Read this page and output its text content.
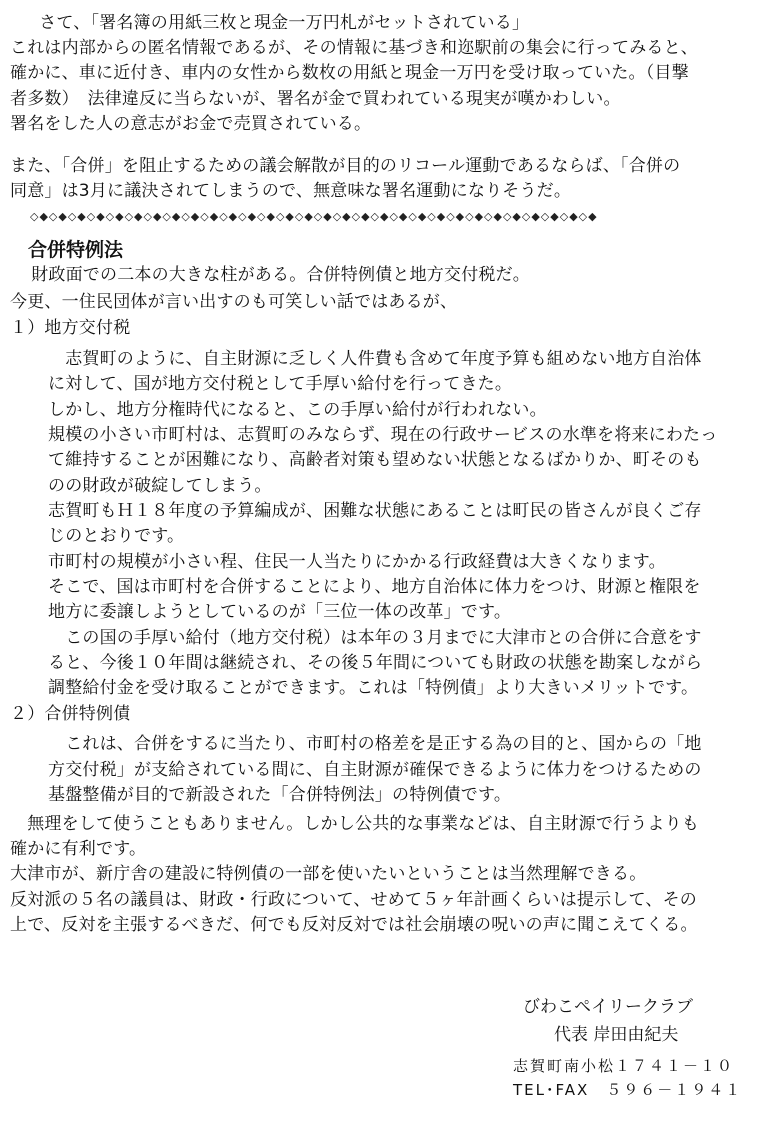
　さて、「署名簿の用紙三枚と現金一万円札がセットされている」
これは内部からの匿名情報であるが、その情報に基づき和迩駅前の集会に行ってみると、
確かに、車に近付き、車内の女性から数枚の用紙と現金一万円を受け取っていた。（目撃
者多数）　法律違反に当らないが、署名が金で買われている現実が嘆かわしい。
署名をした人の意志がお金で売買されている。
また、「合併」を阻止するための議会解散が目的のリコール運動であるならば、「合併の
同意」は3月に議決されてしまうので、無意味な署名運動になりそうだ。
◇◆◇◆◇◆◇◆◇◆◇◆◇◆◇◆◇◆◇◆◇◆◇◆◇◆◇◆◇◆◇◆◇◆◇◆◇◆◇◆◇◆◇◆◇◆◇◆◇◆◇◆◇◆◇◆◇◆◇◆
合併特例法
　財政面での二本の大きな柱がある。合併特例債と地方交付税だ。
今更、一住民団体が言い出すのも可笑しい話ではあるが、
１）地方交付税
　志賀町のように、自主財源に乏しく人件費も含めて年度予算も組めない地方自治体
に対して、国が地方交付税として手厚い給付を行ってきた。
しかし、地方分権時代になると、この手厚い給付が行われない。
規模の小さい市町村は、志賀町のみならず、現在の行政サービスの水準を将来にわたっ
て維持することが困難になり、高齢者対策も望めない状態となるばかりか、町そのも
のの財政が破綻してしまう。
志賀町もＨ１８年度の予算編成が、困難な状態にあることは町民の皆さんが良くご存
じのとおりです。
市町村の規模が小さい程、住民一人当たりにかかる行政経費は大きくなります。
そこで、国は市町村を合併することにより、地方自治体に体力をつけ、財源と権限を
地方に委譲しようとしているのが「三位一体の改革」です。
　この国の手厚い給付（地方交付税）は本年の３月までに大津市との合併に合意をす
ると、今後１０年間は継続され、その後５年間についても財政の状態を勘案しながら
調整給付金を受け取ることができます。これは「特例債」より大きいメリットです。
２）合併特例債
　これは、合併をするに当たり、市町村の格差を是正する為の目的と、国からの「地
方交付税」が支給されている間に、自主財源が確保できるように体力をつけるための
基盤整備が目的で新設された「合併特例法」の特例債です。
　無理をして使うこともありません。しかし公共的な事業などは、自主財源で行うよりも
確かに有利です。
大津市が、新庁舎の建設に特例債の一部を使いたいということは当然理解できる。
反対派の５名の議員は、財政・行政について、せめて５ヶ年計画くらいは提示して、その
上で、反対を主張するべきだ、何でも反対反対では社会崩壊の呪いの声に聞こえてくる。
びわこペイリークラブ
代表 岸田由紀夫
志賀町南小松１７４１－１０
TEL･FAX　５９６－１９４１
